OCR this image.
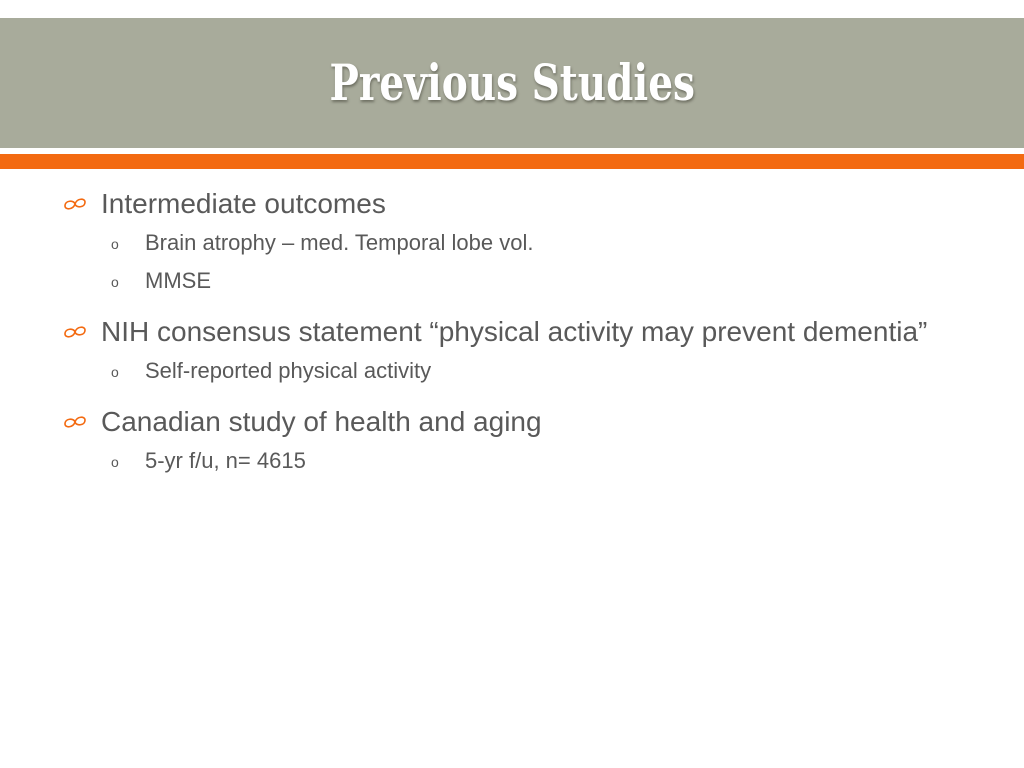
Previous Studies
Intermediate outcomes
o Brain atrophy – med. Temporal lobe vol.
o MMSE
NIH consensus statement “physical activity may prevent dementia”
o Self-reported physical activity
Canadian study of health and aging
o 5-yr f/u, n= 4615
